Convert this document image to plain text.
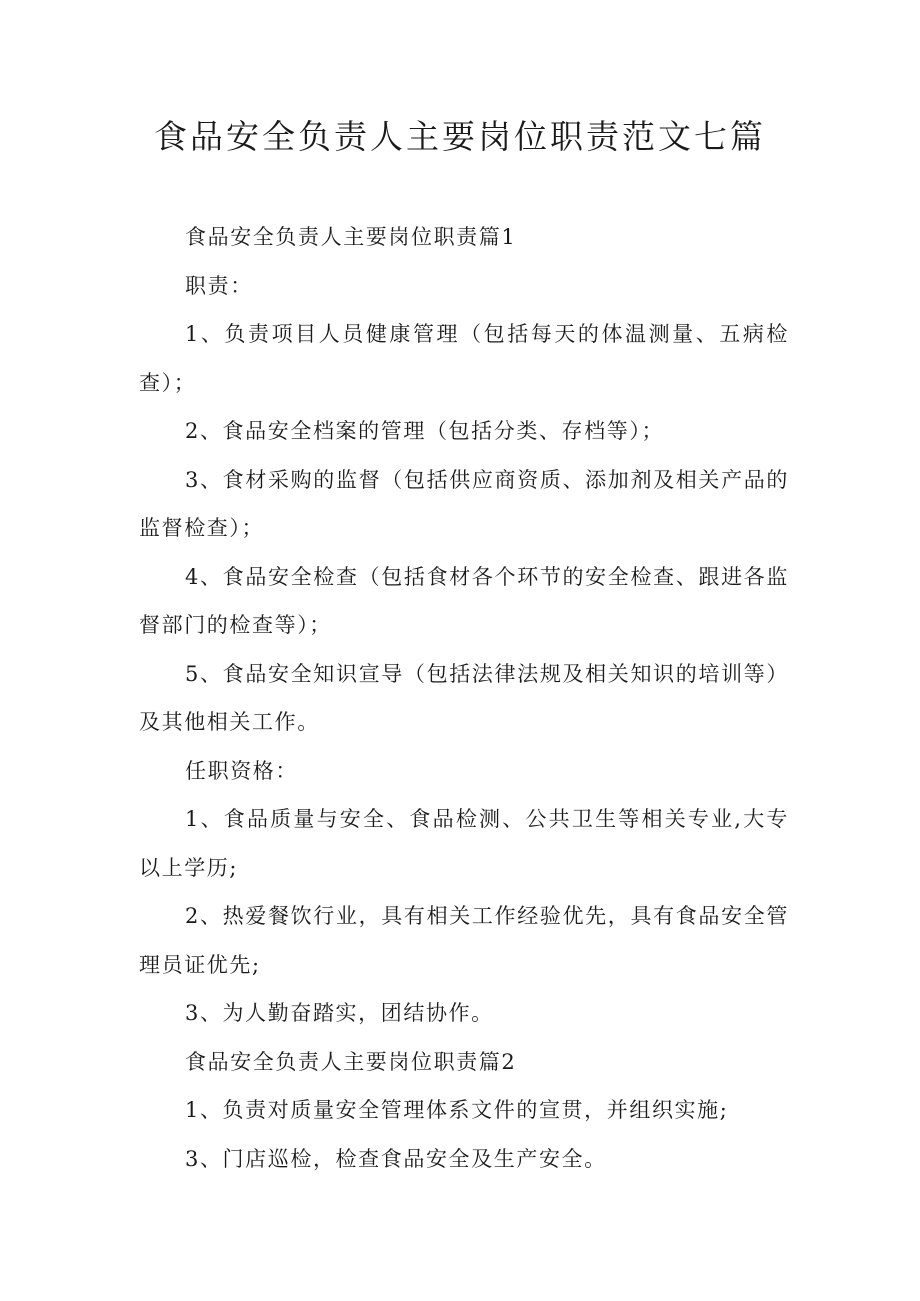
食品安全负责人主要岗位职责范文七篇

食品安全负责人主要岗位职责篇1

职责：

1、负责项目人员健康管理（包括每天的体温测量、五病检查）；

2、食品安全档案的管理（包括分类、存档等）；

3、食材采购的监督（包括供应商资质、添加剂及相关产品的监督检查）；

4、食品安全检查（包括食材各个环节的安全检查、跟进各监督部门的检查等）；

5、食品安全知识宣导（包括法律法规及相关知识的培训等）及其他相关工作。

任职资格：

1、食品质量与安全、食品检测、公共卫生等相关专业,大专以上学历;

2、热爱餐饮行业，具有相关工作经验优先，具有食品安全管理员证优先;

3、为人勤奋踏实，团结协作。

食品安全负责人主要岗位职责篇2

1、负责对质量安全管理体系文件的宣贯，并组织实施;

3、门店巡检，检查食品安全及生产安全。
